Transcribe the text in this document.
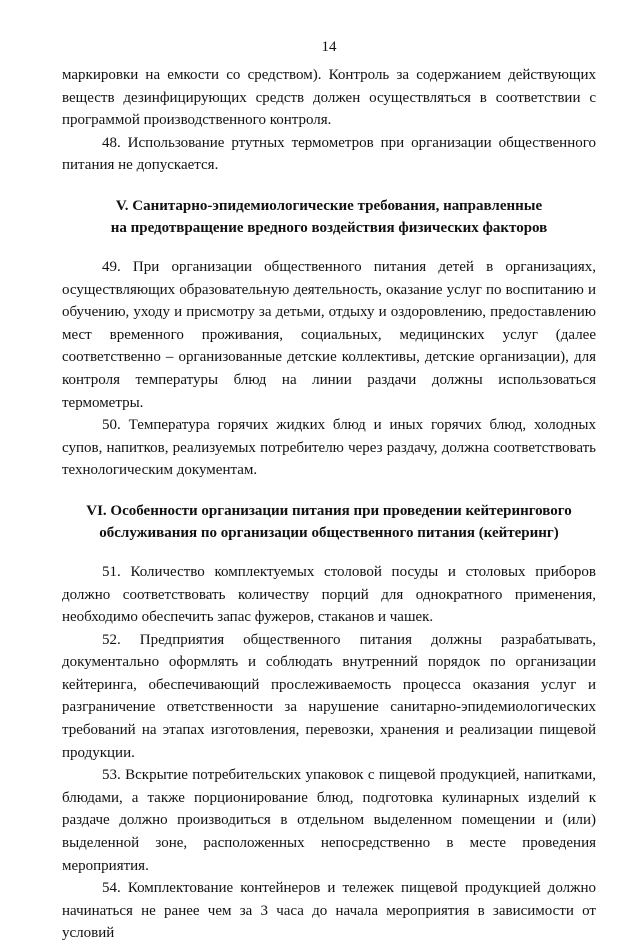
14

маркировки на емкости со средством). Контроль за содержанием действующих веществ дезинфицирующих средств должен осуществляться в соответствии с программой производственного контроля.

48. Использование ртутных термометров при организации общественного питания не допускается.

V. Санитарно-эпидемиологические требования, направленные

на предотвращение вредного воздействия физических факторов

49. При организации общественного питания детей в организациях, осуществляющих образовательную деятельность, оказание услуг по воспитанию и обучению, уходу и присмотру за детьми, отдыху и оздоровлению, предоставлению мест временного проживания, социальных, медицинских услуг (далее соответственно – организованные детские коллективы, детские организации), для контроля температуры блюд на линии раздачи должны использоваться термометры.

50. Температура горячих жидких блюд и иных горячих блюд, холодных супов, напитков, реализуемых потребителю через раздачу, должна соответствовать технологическим документам.

VI. Особенности организации питания при проведении кейтерингового

обслуживания по организации общественного питания (кейтеринг)

51. Количество комплектуемых столовой посуды и столовых приборов должно соответствовать количеству порций для однократного применения, необходимо обеспечить запас фужеров, стаканов и чашек.

52. Предприятия общественного питания должны разрабатывать, документально оформлять и соблюдать внутренний порядок по организации кейтеринга, обеспечивающий прослеживаемость процесса оказания услуг и разграничение ответственности за нарушение санитарно-эпидемиологических требований на этапах изготовления, перевозки, хранения и реализации пищевой продукции.

53. Вскрытие потребительских упаковок с пищевой продукцией, напитками, блюдами, а также порционирование блюд, подготовка кулинарных изделий к раздаче должно производиться в отдельном выделенном помещении и (или) выделенной зоне, расположенных непосредственно в месте проведения мероприятия.

54. Комплектование контейнеров и тележек пищевой продукцией должно начинаться не ранее чем за 3 часа до начала мероприятия в зависимости от условий
